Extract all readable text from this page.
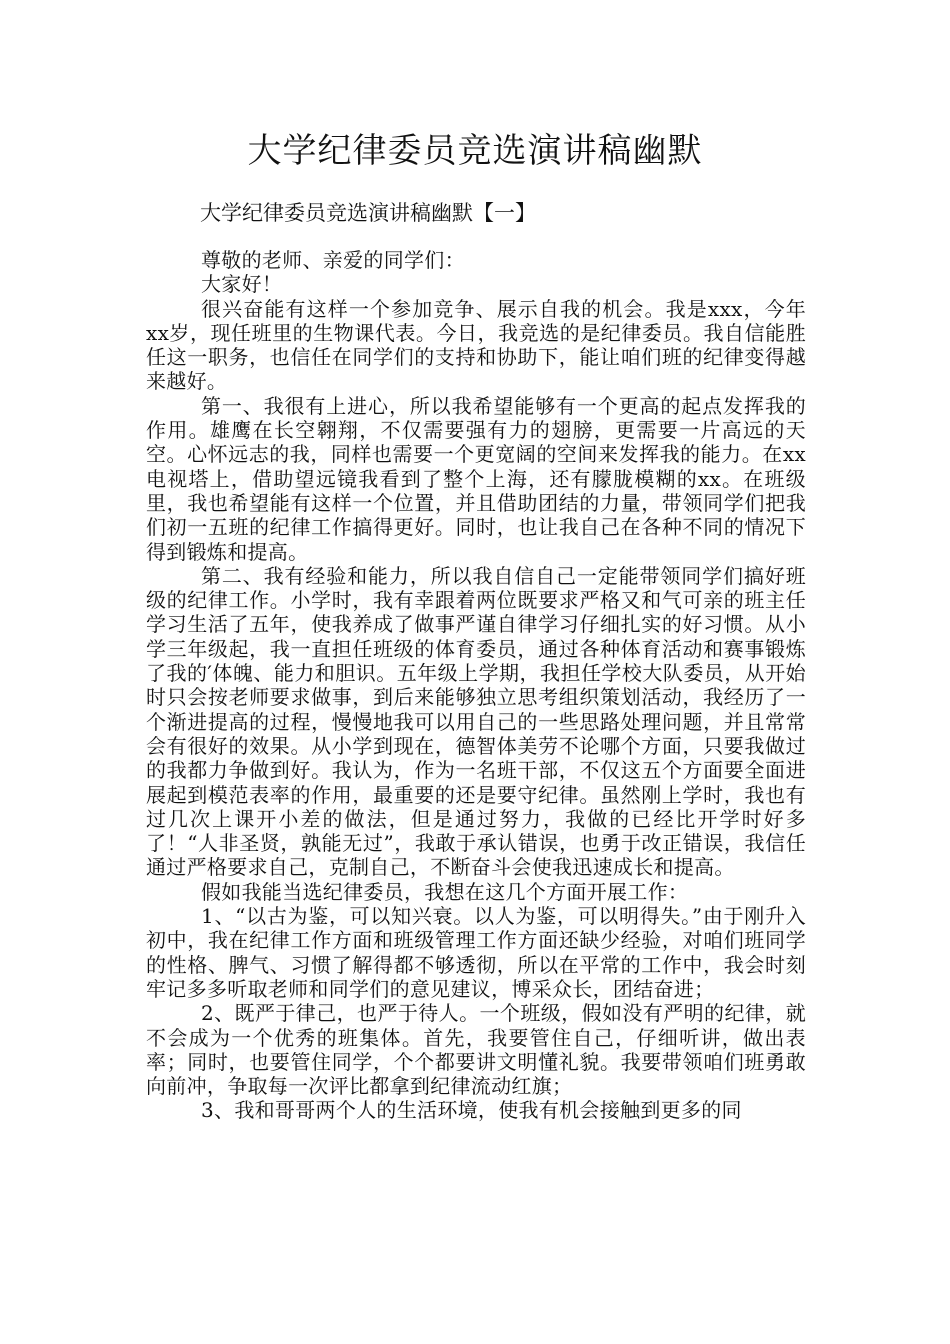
大学纪律委员竞选演讲稿幽默

大学纪律委员竞选演讲稿幽默【一】

尊敬的老师、亲爱的同学们：

大家好！

很兴奋能有这样一个参加竞争、展示自我的机会。我是xxx，今年xx岁，现任班里的生物课代表。今日，我竞选的是纪律委员。我自信能胜任这一职务，也信任在同学们的支持和协助下，能让咱们班的纪律变得越来越好。

第一、我很有上进心，所以我希望能够有一个更高的起点发挥我的作用。雄鹰在长空翱翔，不仅需要强有力的翅膀，更需要一片高远的天空。心怀远志的我，同样也需要一个更宽阔的空间来发挥我的能力。在xx电视塔上，借助望远镜我看到了整个上海，还有朦胧模糊的xx。在班级里，我也希望能有这样一个位置，并且借助团结的力量，带领同学们把我们初一五班的纪律工作搞得更好。同时，也让我自己在各种不同的情况下得到锻炼和提高。

第二、我有经验和能力，所以我自信自己一定能带领同学们搞好班级的纪律工作。小学时，我有幸跟着两位既要求严格又和气可亲的班主任学习生活了五年，使我养成了做事严谨自律学习仔细扎实的好习惯。从小学三年级起，我一直担任班级的体育委员，通过各种体育活动和赛事锻炼了我的′体魄、能力和胆识。五年级上学期，我担任学校大队委员，从开始时只会按老师要求做事，到后来能够独立思考组织策划活动，我经历了一个渐进提高的过程，慢慢地我可以用自己的一些思路处理问题，并且常常会有很好的效果。从小学到现在，德智体美劳不论哪个方面，只要我做过的我都力争做到好。我认为，作为一名班干部，不仅这五个方面要全面进展起到模范表率的作用，最重要的还是要守纪律。虽然刚上学时，我也有过几次上课开小差的做法，但是通过努力，我做的已经比开学时好多了！“人非圣贤，孰能无过”，我敢于承认错误，也勇于改正错误，我信任通过严格要求自己，克制自己，不断奋斗会使我迅速成长和提高。

假如我能当选纪律委员，我想在这几个方面开展工作：

1、“以古为鉴，可以知兴衰。以人为鉴，可以明得失。”由于刚升入初中，我在纪律工作方面和班级管理工作方面还缺少经验，对咱们班同学的性格、脾气、习惯了解得都不够透彻，所以在平常的工作中，我会时刻牢记多多听取老师和同学们的意见建议，博采众长，团结奋进；

2、既严于律己，也严于待人。一个班级，假如没有严明的纪律，就不会成为一个优秀的班集体。首先，我要管住自己，仔细听讲，做出表率；同时，也要管住同学，个个都要讲文明懂礼貌。我要带领咱们班勇敢向前冲，争取每一次评比都拿到纪律流动红旗；

3、我和哥哥两个人的生活环境，使我有机会接触到更多的同
